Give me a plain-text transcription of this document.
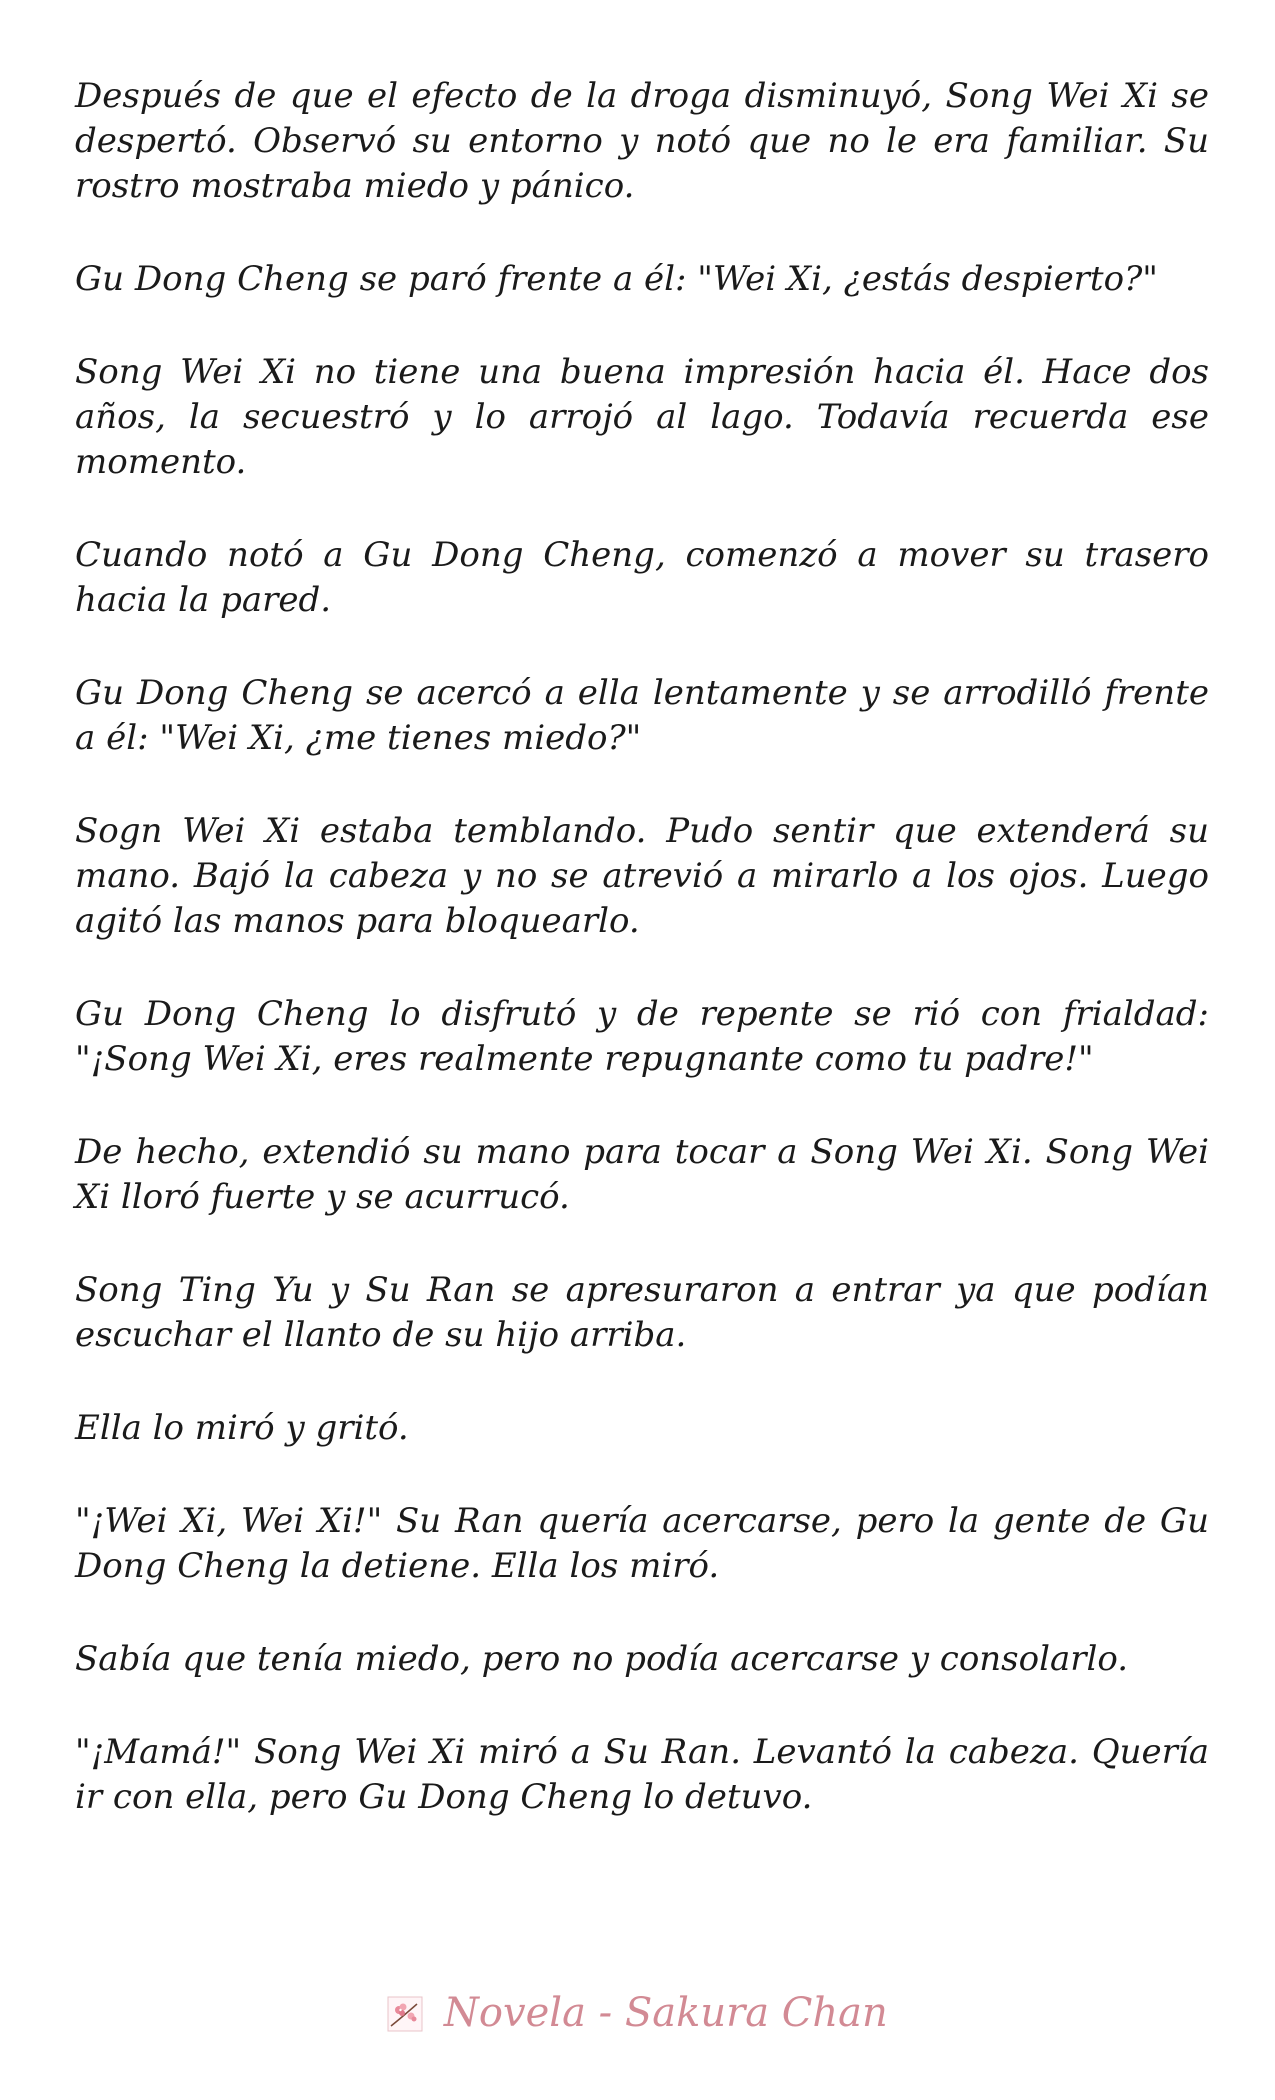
Después de que el efecto de la droga disminuyó, Song Wei Xi se despertó. Observó su entorno y notó que no le era familiar. Su rostro mostraba miedo y pánico.

Gu Dong Cheng se paró frente a él: "Wei Xi, ¿estás despierto?"

Song Wei Xi no tiene una buena impresión hacia él. Hace dos años, la secuestró y lo arrojó al lago. Todavía recuerda ese momento.

Cuando notó a Gu Dong Cheng, comenzó a mover su trasero hacia la pared.

Gu Dong Cheng se acercó a ella lentamente y se arrodilló frente a él: "Wei Xi, ¿me tienes miedo?"

Sogn Wei Xi estaba temblando. Pudo sentir que extenderá su mano. Bajó la cabeza y no se atrevió a mirarlo a los ojos. Luego agitó las manos para bloquearlo.

Gu Dong Cheng lo disfrutó y de repente se rió con frialdad: "¡Song Wei Xi, eres realmente repugnante como tu padre!"

De hecho, extendió su mano para tocar a Song Wei Xi. Song Wei Xi lloró fuerte y se acurrucó.

Song Ting Yu y Su Ran se apresuraron a entrar ya que podían escuchar el llanto de su hijo arriba.

Ella lo miró y gritó.

"¡Wei Xi, Wei Xi!" Su Ran quería acercarse, pero la gente de Gu Dong Cheng la detiene. Ella los miró.

Sabía que tenía miedo, pero no podía acercarse y consolarlo.

"¡Mamá!" Song Wei Xi miró a Su Ran. Levantó la cabeza. Quería ir con ella, pero Gu Dong Cheng lo detuvo.

Novela - Sakura Chan
